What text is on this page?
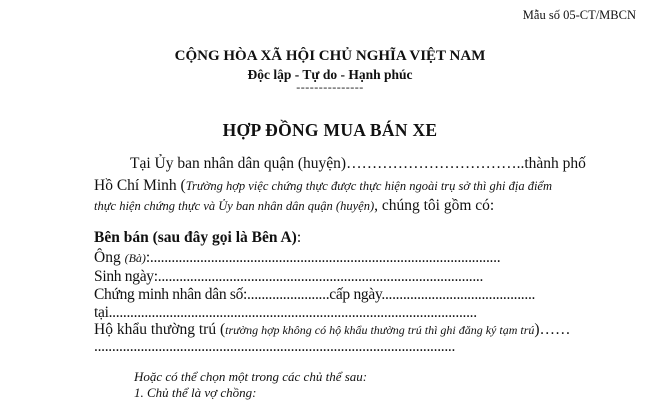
Mẫu số 05-CT/MBCN
CỘNG HÒA XÃ HỘI CHỦ NGHĨA VIỆT NAM
Độc lập - Tự do - Hạnh phúc
---------------
HỢP ĐỒNG MUA BÁN XE
Tại Ủy ban nhân dân quận (huyện)……………………………..thành phố
Hồ Chí Minh (Trường hợp việc chứng thực được thực hiện ngoài trụ sở thì ghi địa điểm
thực hiện chứng thực và Ủy ban nhân dân quận (huyện), chúng tôi gồm có:
Bên bán (sau đây gọi là Bên A):
Ông (Bà):..................................................................................................
Sinh ngày:...........................................................................................
Chứng minh nhân dân số:.......................cấp ngày...........................................
tại.......................................................................................................
Hộ khẩu thường trú (trường hợp không có hộ khẩu thường trú thì ghi đăng ký tạm trú)……
.....................................................................................................
Hoặc có thể chọn một trong các chủ thể sau:
1. Chủ thể là vợ chồng:
